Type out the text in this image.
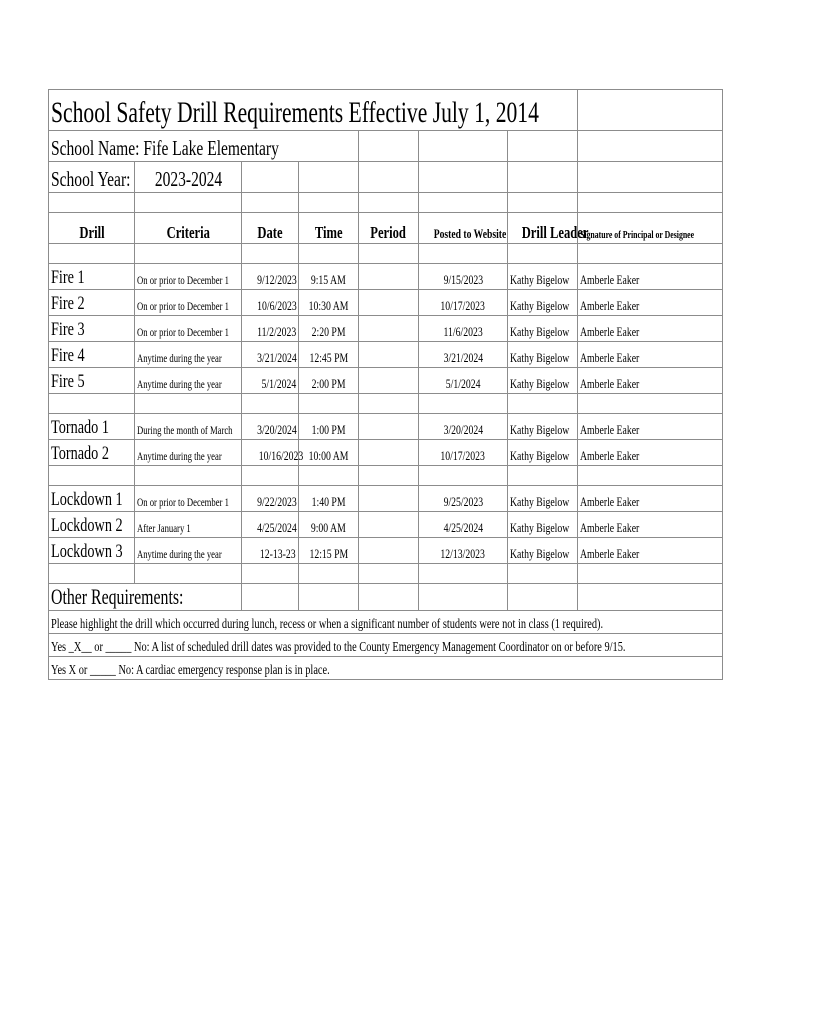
School Safety Drill Requirements Effective July 1, 2014							
School Name: Fife Lake Elementary							
School Year:	2023-2024						

Drill	Criteria	Date	Time	Period	Posted to Website	Drill Leader	Signature of Principal or Designee

Fire 1	On or prior to December 1	9/12/2023	9:15 AM		9/15/2023	Kathy Bigelow	Amberle Eaker
Fire 2	On or prior to December 1	10/6/2023	10:30 AM		10/17/2023	Kathy Bigelow	Amberle Eaker
Fire 3	On or prior to December 1	11/2/2023	2:20 PM		11/6/2023	Kathy Bigelow	Amberle Eaker
Fire 4	Anytime during the year	3/21/2024	12:45 PM		3/21/2024	Kathy Bigelow	Amberle Eaker
Fire 5	Anytime during the year	5/1/2024	2:00 PM		5/1/2024	Kathy Bigelow	Amberle Eaker

Tornado 1	During the month of March	3/20/2024	1:00 PM		3/20/2024	Kathy Bigelow	Amberle Eaker
Tornado 2	Anytime during the year	10/16/2023	10:00 AM		10/17/2023	Kathy Bigelow	Amberle Eaker

Lockdown 1	On or prior to December 1	9/22/2023	1:40 PM		9/25/2023	Kathy Bigelow	Amberle Eaker
Lockdown 2	After January 1	4/25/2024	9:00 AM		4/25/2024	Kathy Bigelow	Amberle Eaker
Lockdown 3	Anytime during the year	12-13-23	12:15 PM		12/13/2023	Kathy Bigelow	Amberle Eaker

Other Requirements:							
Please highlight the drill which occurred during lunch, recess or when a significant number of students were not in class (1 required).							
Yes _X__ or _____ No: A list of scheduled drill dates was provided to the County Emergency Management Coordinator on or before 9/15.							
Yes X or _____ No: A cardiac emergency response plan is in place.							
